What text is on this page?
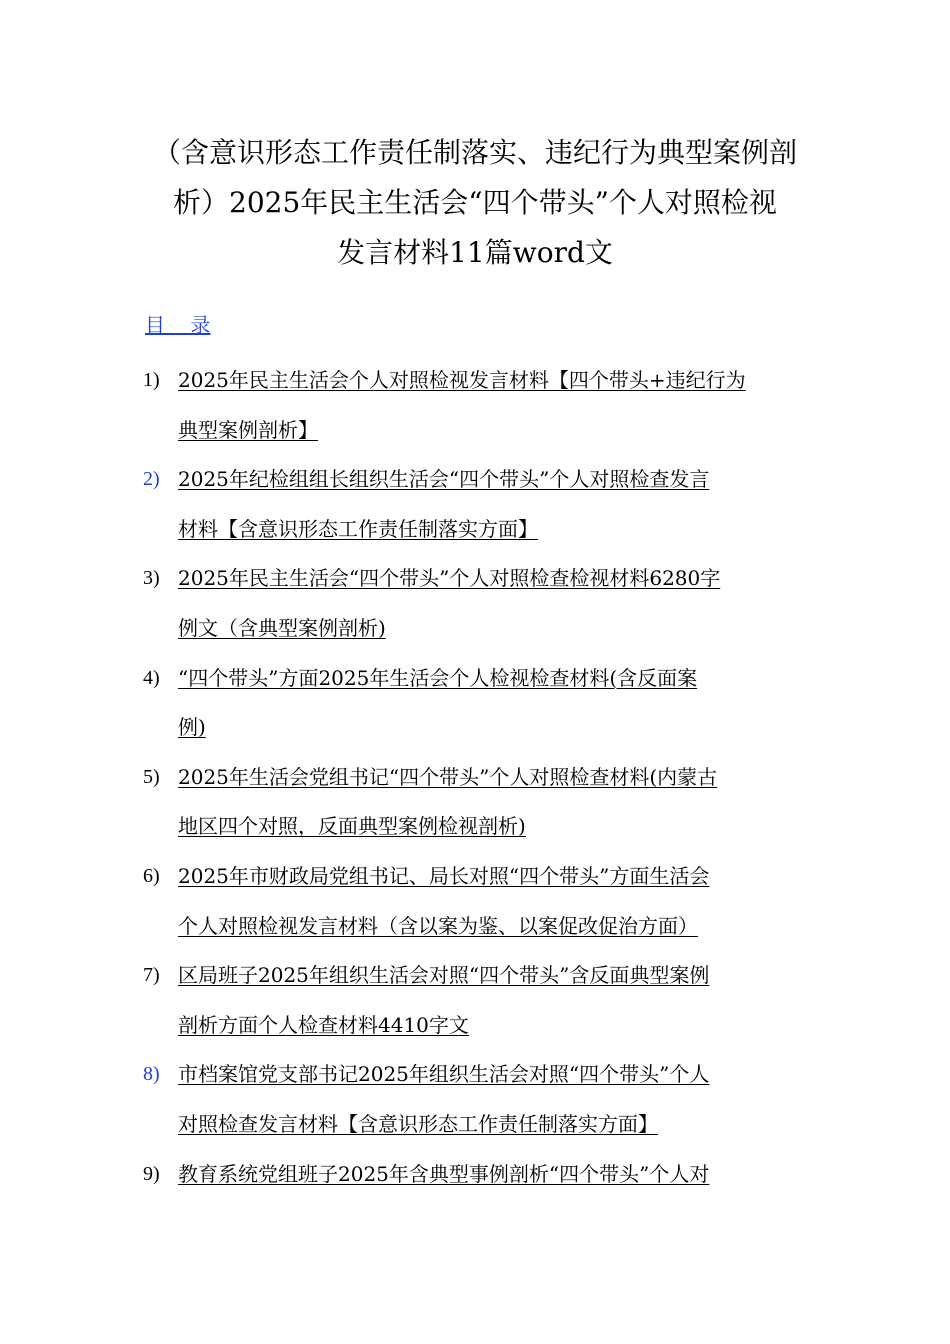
（含意识形态工作责任制落实、违纪行为典型案例剖
析）2025年民主生活会“四个带头”个人对照检视
发言材料11篇word文
目    录
1) 2025年民主生活会个人对照检视发言材料【四个带头+违纪行为
典型案例剖析】
2) 2025年纪检组组长组织生活会“四个带头”个人对照检查发言
材料【含意识形态工作责任制落实方面】
3) 2025年民主生活会“四个带头”个人对照检查检视材料6280字
例文（含典型案例剖析)
4) “四个带头”方面2025年生活会个人检视检查材料(含反面案
例)
5) 2025年生活会党组书记“四个带头”个人对照检查材料(内蒙古
地区四个对照，反面典型案例检视剖析)
6) 2025年市财政局党组书记、局长对照“四个带头”方面生活会
个人对照检视发言材料（含以案为鉴、以案促改促治方面）
7) 区局班子2025年组织生活会对照“四个带头”含反面典型案例
剖析方面个人检查材料4410字文
8) 市档案馆党支部书记2025年组织生活会对照“四个带头”个人
对照检查发言材料【含意识形态工作责任制落实方面】
9) 教育系统党组班子2025年含典型事例剖析“四个带头”个人对
